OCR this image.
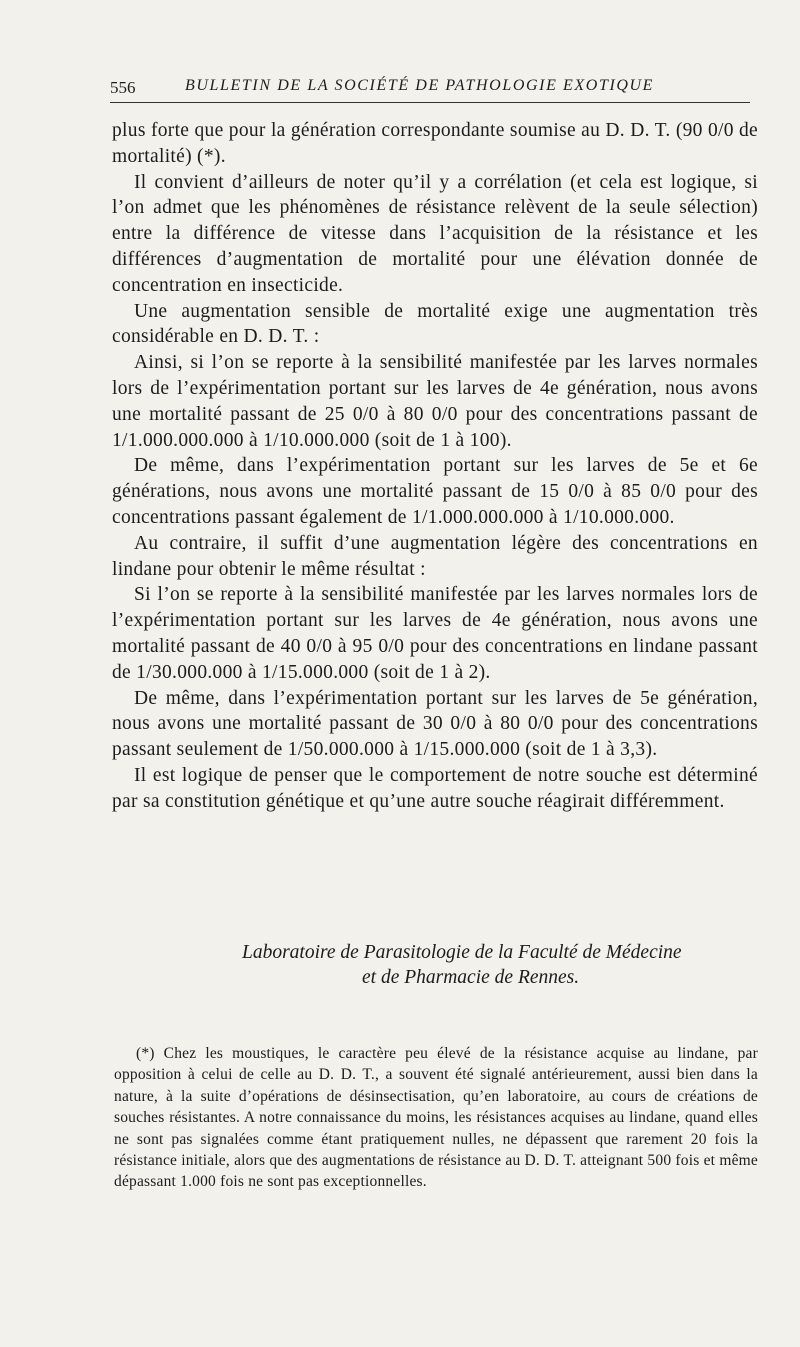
556	BULLETIN DE LA SOCIÉTÉ DE PATHOLOGIE EXOTIQUE

plus forte que pour la génération correspondante soumise au D. D. T. (90 0/0 de mortalité) (*).

Il convient d’ailleurs de noter qu’il y a corrélation (et cela est logique, si l’on admet que les phénomènes de résistance relèvent de la seule sélection) entre la différence de vitesse dans l’acquisition de la résistance et les différences d’augmentation de mortalité pour une élévation donnée de concentration en insecticide.

Une augmentation sensible de mortalité exige une augmentation très considérable en D. D. T. :

Ainsi, si l’on se reporte à la sensibilité manifestée par les larves normales lors de l’expérimentation portant sur les larves de 4e génération, nous avons une mortalité passant de 25 0/0 à 80 0/0 pour des concentrations passant de 1/1.000.000.000 à 1/10.000.000 (soit de 1 à 100).

De même, dans l’expérimentation portant sur les larves de 5e et 6e générations, nous avons une mortalité passant de 15 0/0 à 85 0/0 pour des concentrations passant également de 1/1.000.000.000 à 1/10.000.000.

Au contraire, il suffit d’une augmentation légère des concentrations en lindane pour obtenir le même résultat :

Si l’on se reporte à la sensibilité manifestée par les larves normales lors de l’expérimentation portant sur les larves de 4e génération, nous avons une mortalité passant de 40 0/0 à 95 0/0 pour des concentrations en lindane passant de 1/30.000.000 à 1/15.000.000 (soit de 1 à 2).

De même, dans l’expérimentation portant sur les larves de 5e génération, nous avons une mortalité passant de 30 0/0 à 80 0/0 pour des concentrations passant seulement de 1/50.000.000 à 1/15.000.000 (soit de 1 à 3,3).

Il est logique de penser que le comportement de notre souche est déterminé par sa constitution génétique et qu’une autre souche réagirait différemment.

Laboratoire de Parasitologie de la Faculté de Médecine
et de Pharmacie de Rennes.

(*) Chez les moustiques, le caractère peu élevé de la résistance acquise au lindane, par opposition à celui de celle au D. D. T., a souvent été signalé antérieurement, aussi bien dans la nature, à la suite d’opérations de désinsectisation, qu’en laboratoire, au cours de créations de souches résistantes. A notre connaissance du moins, les résistances acquises au lindane, quand elles ne sont pas signalées comme étant pratiquement nulles, ne dépassent que rarement 20 fois la résistance initiale, alors que des augmentations de résistance au D. D. T. atteignant 500 fois et même dépassant 1.000 fois ne sont pas exceptionnelles.
